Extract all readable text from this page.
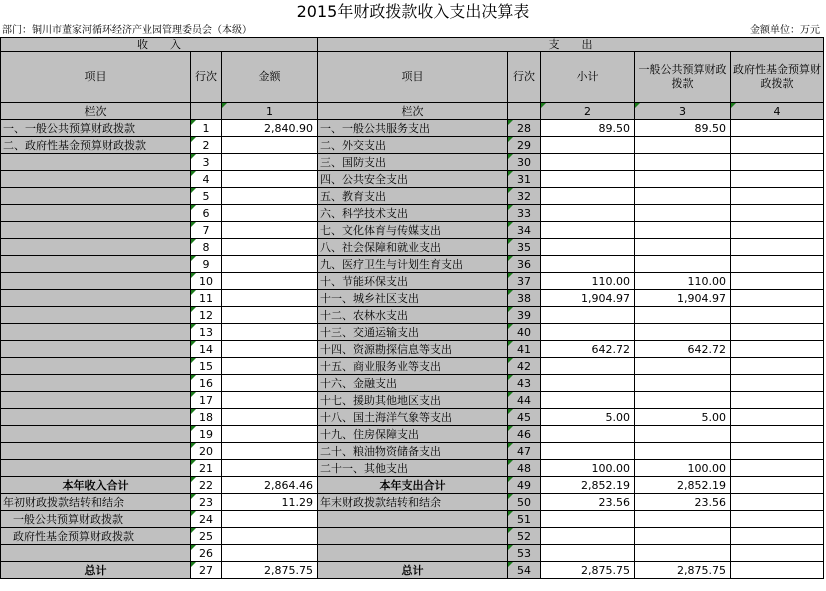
2015年财政拨款收入支出决算表
部门：铜川市董家河循环经济产业园管理委员会（本级）	金额单位：万元
收　　入			支　　出				
项目	行次	金额	项目	行次	小计	一般公共预算财政拨款	政府性基金预算财政拨款
栏次		1	栏次		2	3	4
一、一般公共预算财政拨款	1	2,840.90	一、一般公共服务支出	28	89.50	89.50	
二、政府性基金预算财政拨款	2		二、外交支出	29			
	3		三、国防支出	30			
	4		四、公共安全支出	31			
	5		五、教育支出	32			
	6		六、科学技术支出	33			
	7		七、文化体育与传媒支出	34			
	8		八、社会保障和就业支出	35			
	9		九、医疗卫生与计划生育支出	36			
	10		十、节能环保支出	37	110.00	110.00	
	11		十一、城乡社区支出	38	1,904.97	1,904.97	
	12		十二、农林水支出	39			
	13		十三、交通运输支出	40			
	14		十四、资源勘探信息等支出	41	642.72	642.72	
	15		十五、商业服务业等支出	42			
	16		十六、金融支出	43			
	17		十七、援助其他地区支出	44			
	18		十八、国土海洋气象等支出	45	5.00	5.00	
	19		十九、住房保障支出	46			
	20		二十、粮油物资储备支出	47			
	21		二十一、其他支出	48	100.00	100.00	
本年收入合计	22	2,864.46	本年支出合计	49	2,852.19	2,852.19	
年初财政拨款结转和结余	23	11.29	年末财政拨款结转和结余	50	23.56	23.56	
一般公共预算财政拨款	24			51			
政府性基金预算财政拨款	25			52			
	26			53			
总计	27	2,875.75	总计	54	2,875.75	2,875.75	
